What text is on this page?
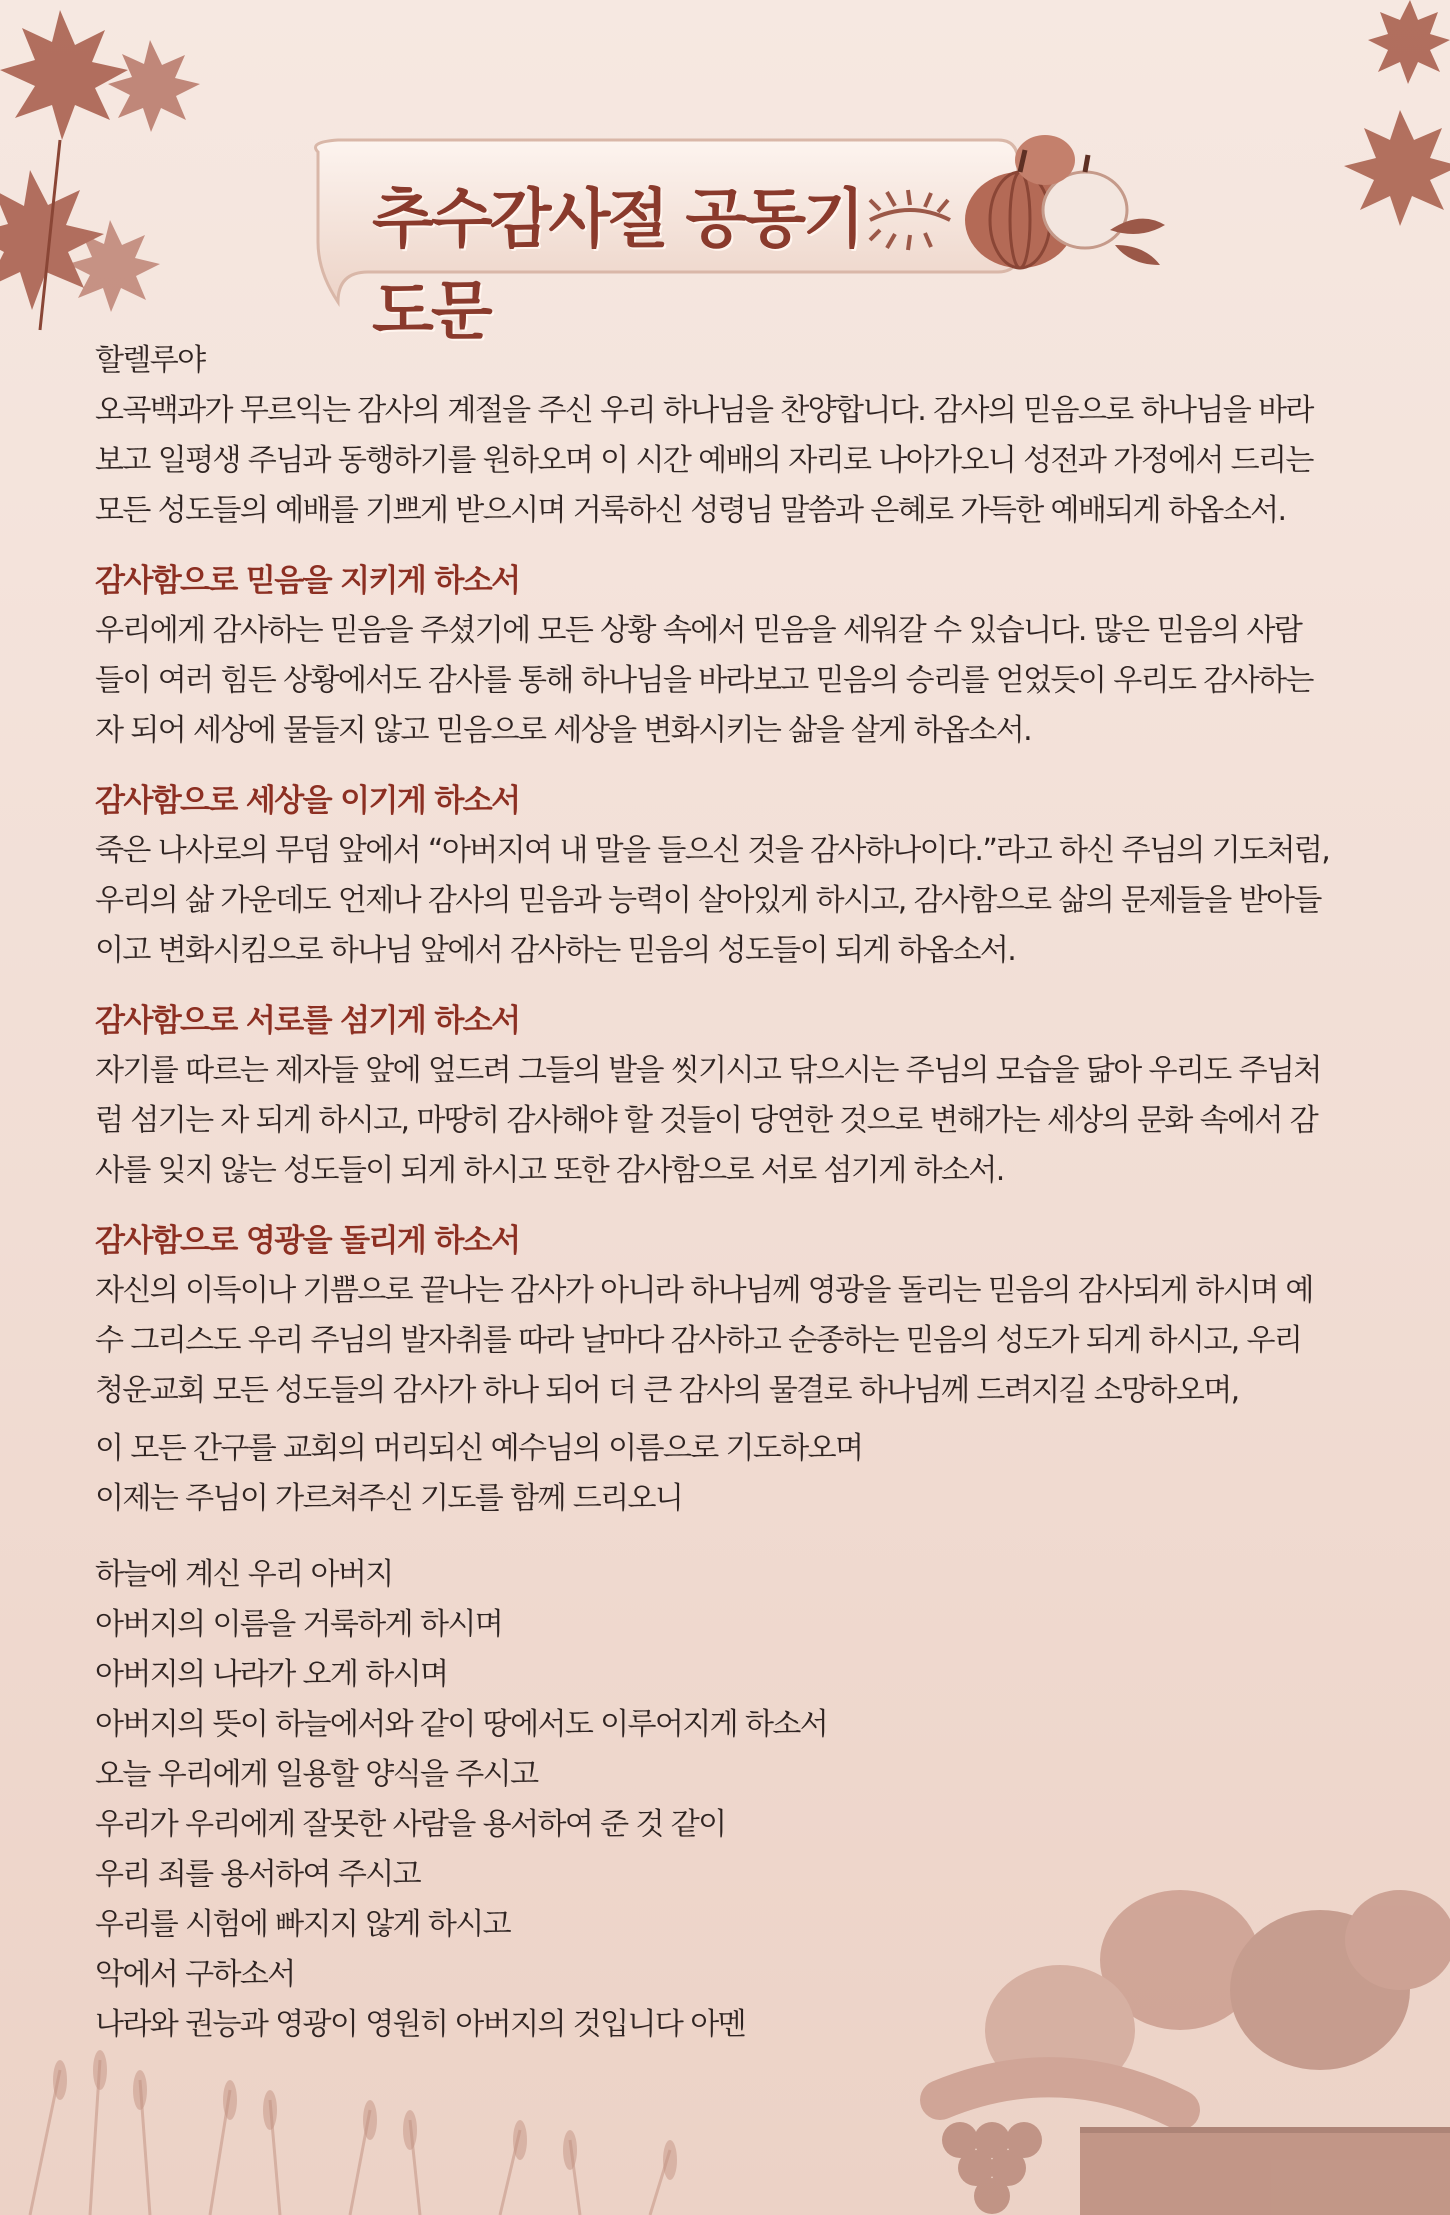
추수감사절 공동기도문
할렐루야
오곡백과가 무르익는 감사의 계절을 주신 우리 하나님을 찬양합니다. 감사의 믿음으로 하나님을 바라
보고 일평생 주님과 동행하기를 원하오며 이 시간 예배의 자리로 나아가오니 성전과 가정에서 드리는
모든 성도들의 예배를 기쁘게 받으시며 거룩하신 성령님 말씀과 은혜로 가득한 예배되게 하옵소서.
감사함으로 믿음을 지키게 하소서
우리에게 감사하는 믿음을 주셨기에 모든 상황 속에서 믿음을 세워갈 수 있습니다. 많은 믿음의 사람
들이 여러 힘든 상황에서도 감사를 통해 하나님을 바라보고 믿음의 승리를 얻었듯이 우리도 감사하는
자 되어 세상에 물들지 않고 믿음으로 세상을 변화시키는 삶을 살게 하옵소서.
감사함으로 세상을 이기게 하소서
죽은 나사로의 무덤 앞에서 “아버지여 내 말을 들으신 것을 감사하나이다.”라고 하신 주님의 기도처럼,
우리의 삶 가운데도 언제나 감사의 믿음과 능력이 살아있게 하시고, 감사함으로 삶의 문제들을 받아들
이고 변화시킴으로 하나님 앞에서 감사하는 믿음의 성도들이 되게 하옵소서.
감사함으로 서로를 섬기게 하소서
자기를 따르는 제자들 앞에 엎드려 그들의 발을 씻기시고 닦으시는 주님의 모습을 닮아 우리도 주님처
럼 섬기는 자 되게 하시고, 마땅히 감사해야 할 것들이 당연한 것으로 변해가는 세상의 문화 속에서 감
사를 잊지 않는 성도들이 되게 하시고 또한 감사함으로 서로 섬기게 하소서.
감사함으로 영광을 돌리게 하소서
자신의 이득이나 기쁨으로 끝나는 감사가 아니라 하나님께 영광을 돌리는 믿음의 감사되게 하시며 예
수 그리스도 우리 주님의 발자취를 따라 날마다 감사하고 순종하는 믿음의 성도가 되게 하시고, 우리
청운교회 모든 성도들의 감사가 하나 되어 더 큰 감사의 물결로 하나님께 드려지길 소망하오며,
이 모든 간구를 교회의 머리되신 예수님의 이름으로 기도하오며
이제는 주님이 가르쳐주신 기도를 함께 드리오니
하늘에 계신 우리 아버지
아버지의 이름을 거룩하게 하시며
아버지의 나라가 오게 하시며
아버지의 뜻이 하늘에서와 같이 땅에서도 이루어지게 하소서
오늘 우리에게 일용할 양식을 주시고
우리가 우리에게 잘못한 사람을 용서하여 준 것 같이
우리 죄를 용서하여 주시고
우리를 시험에 빠지지 않게 하시고
악에서 구하소서
나라와 권능과 영광이 영원히 아버지의 것입니다 아멘
